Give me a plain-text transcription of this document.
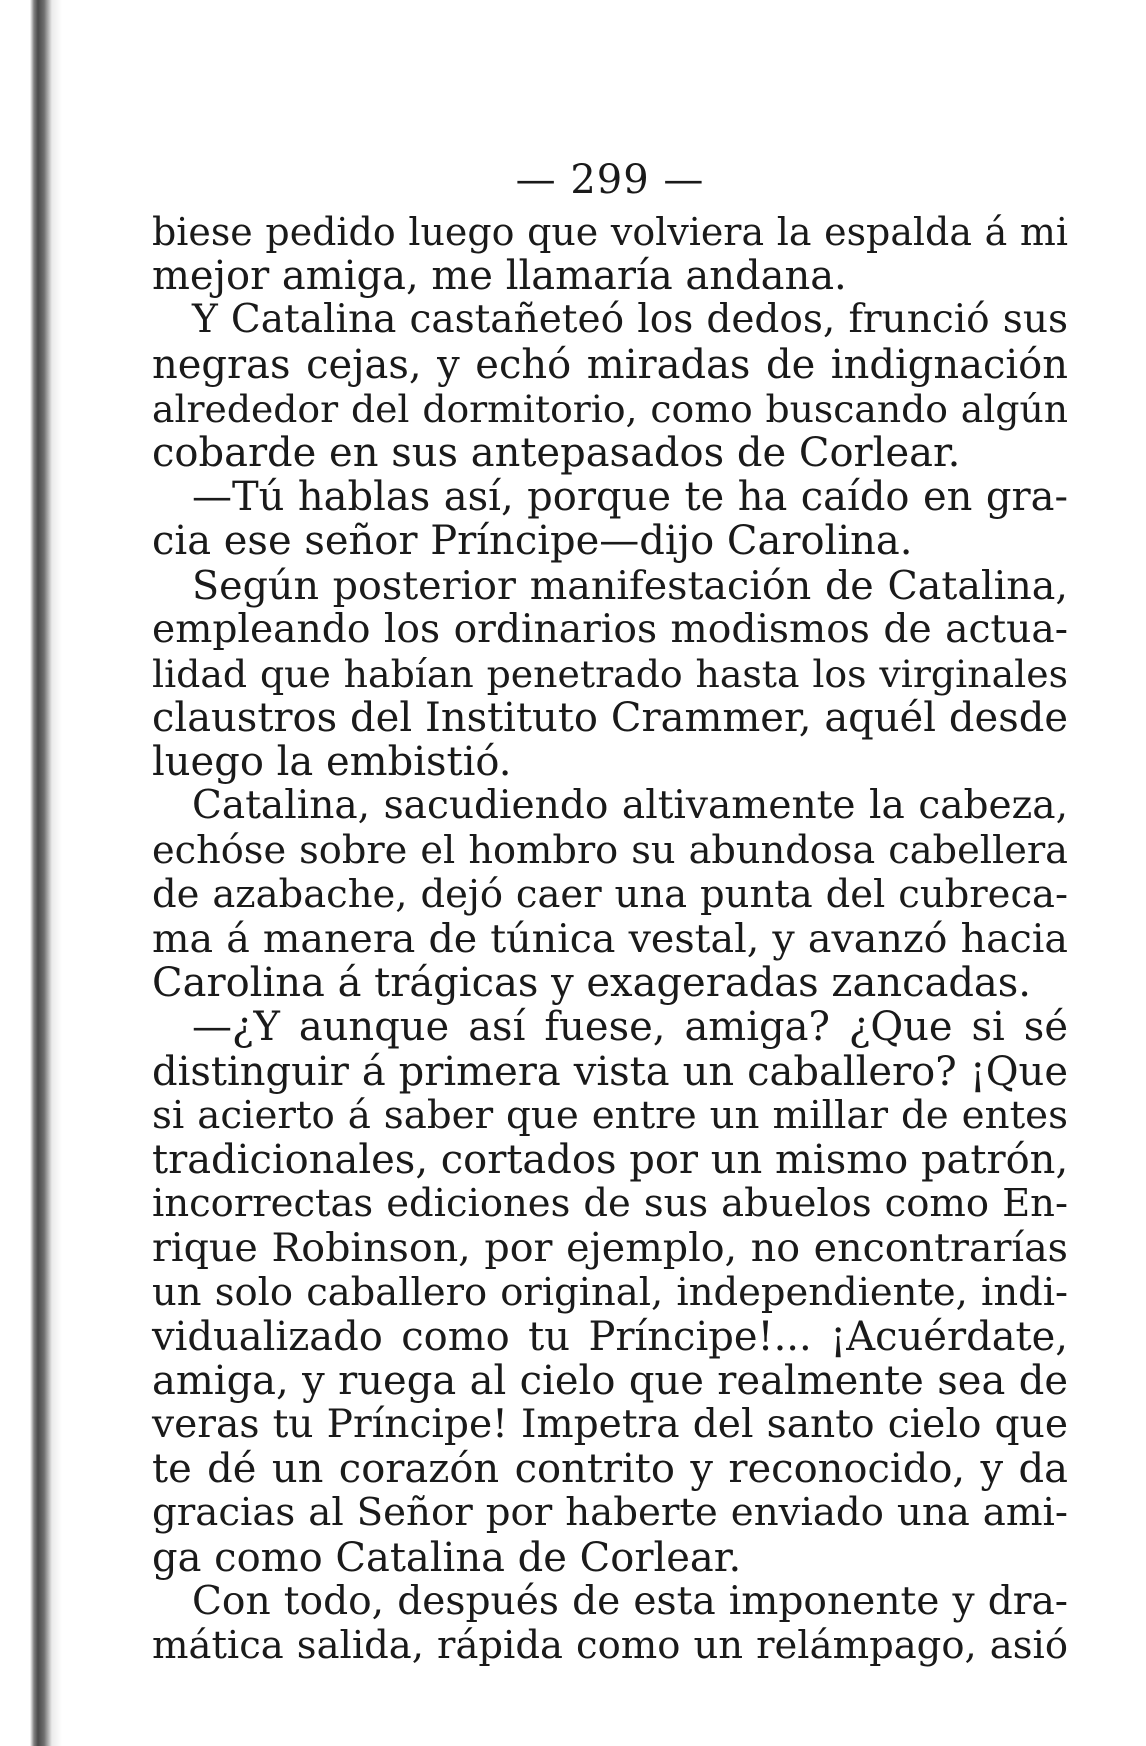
— 299 —
biese pedido luego que volviera la espalda á mi
mejor amiga, me llamaría andana.
Y Catalina castañeteó los dedos, frunció sus
negras cejas, y echó miradas de indignación
alrededor del dormitorio, como buscando algún
cobarde en sus antepasados de Corlear.
—Tú hablas así, porque te ha caído en gra-
cia ese señor Príncipe—dijo Carolina.
Según posterior manifestación de Catalina,
empleando los ordinarios modismos de actua-
lidad que habían penetrado hasta los virginales
claustros del Instituto Crammer, aquél desde
luego la embistió.
Catalina, sacudiendo altivamente la cabeza,
echóse sobre el hombro su abundosa cabellera
de azabache, dejó caer una punta del cubreca-
ma á manera de túnica vestal, y avanzó hacia
Carolina á trágicas y exageradas zancadas.
—¿Y aunque así fuese, amiga? ¿Que si sé
distinguir á primera vista un caballero? ¡Que
si acierto á saber que entre un millar de entes
tradicionales, cortados por un mismo patrón,
incorrectas ediciones de sus abuelos como En-
rique Robinson, por ejemplo, no encontrarías
un solo caballero original, independiente, indi-
vidualizado como tu Príncipe!... ¡Acuérdate,
amiga, y ruega al cielo que realmente sea de
veras tu Príncipe! Impetra del santo cielo que
te dé un corazón contrito y reconocido, y da
gracias al Señor por haberte enviado una ami-
ga como Catalina de Corlear.
Con todo, después de esta imponente y dra-
mática salida, rápida como un relámpago, asió
